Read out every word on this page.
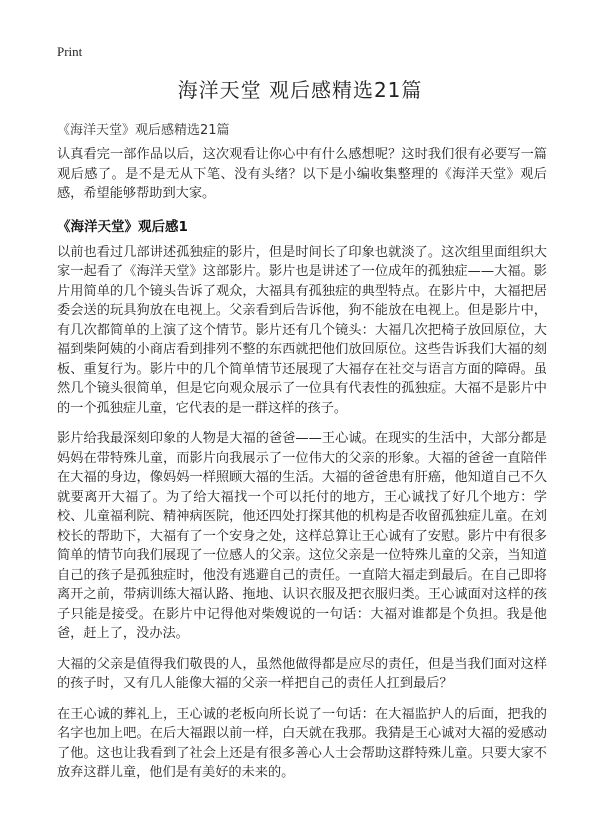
Print
海洋天堂 观后感精选21篇
《海洋天堂》观后感精选21篇

认真看完一部作品以后，这次观看让你心中有什么感想呢？这时我们很有必要写一篇观后感了。是不是无从下笔、没有头绪？以下是小编收集整理的《海洋天堂》观后感，希望能够帮助到大家。

《海洋天堂》观后感1

以前也看过几部讲述孤独症的影片，但是时间长了印象也就淡了。这次组里面组织大家一起看了《海洋天堂》这部影片。影片也是讲述了一位成年的孤独症——大福。影片用简单的几个镜头告诉了观众，大福具有孤独症的典型特点。在影片中，大福把居委会送的玩具狗放在电视上。父亲看到后告诉他，狗不能放在电视上。但是影片中，有几次都简单的上演了这个情节。影片还有几个镜头：大福几次把椅子放回原位，大福到柴阿姨的小商店看到排列不整的东西就把他们放回原位。这些告诉我们大福的刻板、重复行为。影片中的几个简单情节还展现了大福存在社交与语言方面的障碍。虽然几个镜头很简单，但是它向观众展示了一位具有代表性的孤独症。大福不是影片中的一个孤独症儿童，它代表的是一群这样的孩子。

影片给我最深刻印象的人物是大福的爸爸——王心诚。在现实的生活中，大部分都是妈妈在带特殊儿童，而影片向我展示了一位伟大的父亲的形象。大福的爸爸一直陪伴在大福的身边，像妈妈一样照顾大福的生活。大福的爸爸患有肝癌，他知道自己不久就要离开大福了。为了给大福找一个可以托付的地方，王心诚找了好几个地方：学校、儿童福利院、精神病医院，他还四处打探其他的机构是否收留孤独症儿童。在刘校长的帮助下，大福有了一个安身之处，这样总算让王心诚有了安慰。影片中有很多简单的情节向我们展现了一位感人的父亲。这位父亲是一位特殊儿童的父亲，当知道自己的孩子是孤独症时，他没有逃避自己的责任。一直陪大福走到最后。在自己即将离开之前，带病训练大福认路、拖地、认识衣服及把衣服归类。王心诚面对这样的孩子只能是接受。在影片中记得他对柴嫂说的一句话：大福对谁都是个负担。我是他爸，赶上了，没办法。

大福的父亲是值得我们敬畏的人，虽然他做得都是应尽的责任，但是当我们面对这样的孩子时，又有几人能像大福的父亲一样把自己的责任人扛到最后？

在王心诚的葬礼上，王心诚的老板向所长说了一句话：在大福监护人的后面，把我的名字也加上吧。在后大福跟以前一样，白天就在我那。我猜是王心诚对大福的爱感动了他。这也让我看到了社会上还是有很多善心人士会帮助这群特殊儿童。只要大家不放弃这群儿童，他们是有美好的未来的。
